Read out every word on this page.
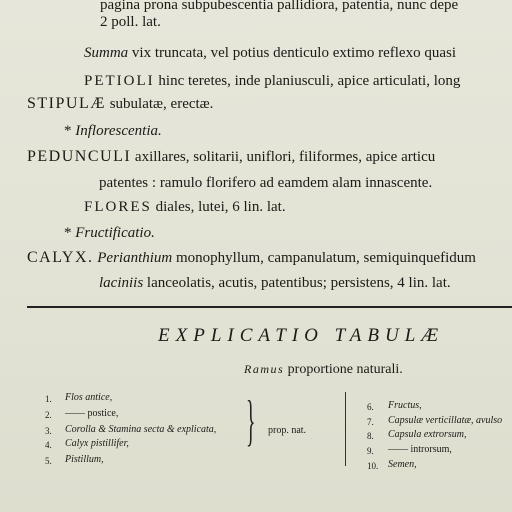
pagina prona subpubescentia pallidiora, patentia, nunc depe
2 poll. lat.
Summa vix truncata, vel potius denticulo extimo reflexo quasi
PETIOLI hinc teretes, inde planiusculi, apice articulati, long
STIPULÆ subulatæ, erectæ.
* Inflorescentia.
PEDUNCULI axillares, solitarii, uniflori, filiformes, apice articu
patentes : ramulo florifero ad eamdem alam innascente.
FLORES diales, lutei, 6 lin. lat.
* Fructificatio.
CALYX. Perianthium monophyllum, campanulatum, semiquinquefidum
laciniis lanceolatis, acutis, patentibus; persistens, 4 lin. lat.
EXPLICATIO TABULÆ
Ramus proportione naturali.
1. Flos antice,
2. —— postice,
3. Corolla & Stamina secta & explicata,
4. Calyx pistillifer,
5. Pistillum,
} prop. nat.
6. Fructus,
7. Capsulæ verticillatæ, avulso
8. Capsula extrorsum,
9. —— introrsum,
10. Semen,
